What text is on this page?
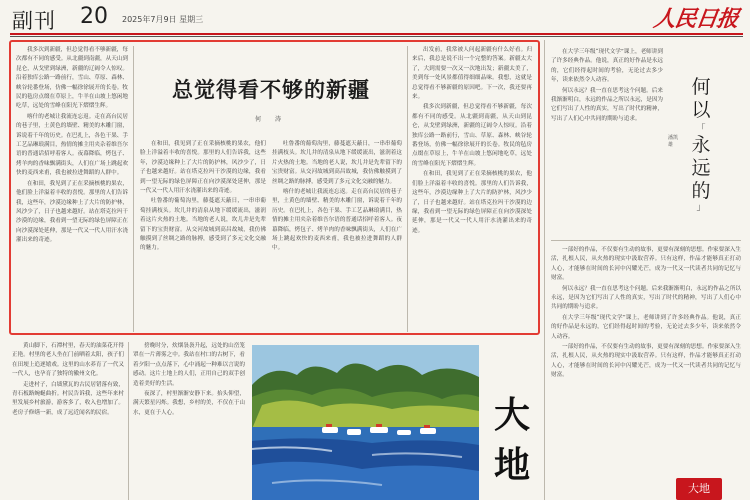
副刊 20 2025年7月9日 星期三	人民日报

我多次到新疆，但总觉得看不够新疆，每次都有不同的感受。从北疆到南疆，从天山到昆仑，从戈壁到绿洲，新疆的辽阔令人惊叹。沿着独库公路一路前行，雪山、草原、森林、峡谷轮番登场，仿佛一幅徐徐展开的长卷。牧民的毡房点缀在草原上，牛羊在山坡上悠闲地吃草，远处的雪峰在阳光下熠熠生辉。

喀什的老城让我流连忘返。走在高台民居的巷子里，土黄色的墙壁、精美的木雕门窗，诉说着千年的历史。在巴扎上，各色干果、手工艺品琳琅满目，热情的摊主用夹杂着维吾尔语的普通话招呼着客人。夜幕降临，烤包子、烤羊肉的香味飘满街头，人们在广场上跳起欢快的麦西来甫，我也被拉进舞蹈的人群中。

在和田，我见到了正在采摘核桃的果农，他们脸上洋溢着丰收的喜悦。那里的人们告诉我，这些年，沙漠边缘种上了大片的防护林，风沙少了，日子也越来越好。站在塔克拉玛干沙漠的边缘，我看到一望无际的绿色屏障正在向沙漠深处延伸，那是一代又一代人用汗水浇灌出来的奇迹。

总觉得看不够的新疆
何 涛

在和田，我见到了正在采摘核桃的果农，他们脸上洋溢着丰收的喜悦。那里的人们告诉我，这些年，沙漠边缘种上了大片的防护林，风沙少了，日子也越来越好。站在塔克拉玛干沙漠的边缘，我看到一望无际的绿色屏障正在向沙漠深处延伸，那是一代又一代人用汗水浇灌出来的奇迹。

吐鲁番的葡萄沟里，藤蔓遮天蔽日，一串串葡萄挂满枝头。坎儿井的清泉从地下缓缓流出，滋润着这片火热的土地。当地的老人说，坎儿井是先辈留下的宝贵财富。从交河故城到高昌故城，我仿佛触摸到了丝绸之路的脉搏，感受到了多元文化交融的魅力。

吐鲁番的葡萄沟里，藤蔓遮天蔽日，一串串葡萄挂满枝头。坎儿井的清泉从地下缓缓流出，滋润着这片火热的土地。当地的老人说，坎儿井是先辈留下的宝贵财富。从交河故城到高昌故城，我仿佛触摸到了丝绸之路的脉搏，感受到了多元文化交融的魅力。

喀什的老城让我流连忘返。走在高台民居的巷子里，土黄色的墙壁、精美的木雕门窗，诉说着千年的历史。在巴扎上，各色干果、手工艺品琳琅满目，热情的摊主用夹杂着维吾尔语的普通话招呼着客人。夜幕降临，烤包子、烤羊肉的香味飘满街头，人们在广场上跳起欢快的麦西来甫，我也被拉进舞蹈的人群中。

出发前，我常被人问起新疆有什么好看。归来后，我总是说不出一个完整的答案。新疆太大了，大到需要一次又一次地出发；新疆太美了，美到每一处风景都值得细细品味。我想，这就是总觉得看不够新疆的原因吧。下一次，我还要再来。

我多次到新疆，但总觉得看不够新疆，每次都有不同的感受。从北疆到南疆，从天山到昆仑，从戈壁到绿洲，新疆的辽阔令人惊叹。沿着独库公路一路前行，雪山、草原、森林、峡谷轮番登场，仿佛一幅徐徐展开的长卷。牧民的毡房点缀在草原上，牛羊在山坡上悠闲地吃草，远处的雪峰在阳光下熠熠生辉。

在和田，我见到了正在采摘核桃的果农，他们脸上洋溢着丰收的喜悦。那里的人们告诉我，这些年，沙漠边缘种上了大片的防护林，风沙少了，日子也越来越好。站在塔克拉玛干沙漠的边缘，我看到一望无际的绿色屏障正在向沙漠深处延伸，那是一代又一代人用汗水浇灌出来的奇迹。

在大学三年级“现代文学”课上，老师讲到了许多经典作品。他说，真正的好作品是永远的，它们经得起时间的考验，无论过去多少年，读来依然令人动容。

何以永远？我一直在思考这个问题。后来我渐渐明白，永远的作品之所以永远，是因为它们写出了人性的真实，写出了时代的精神，写出了人们心中共同的期盼与追求。

何
以
「
永
远
的
」
潘凯雄

一部好的作品，不仅要有生动的故事，更要有深刻的思想。作家要深入生活，扎根人民，从火热的现实中汲取营养。只有这样，作品才能够真正打动人心，才能够在时间的长河中闪耀光芒，成为一代又一代读者共同的记忆与财富。

何以永远？我一直在思考这个问题。后来我渐渐明白，永远的作品之所以永远，是因为它们写出了人性的真实，写出了时代的精神，写出了人们心中共同的期盼与追求。

在大学三年级“现代文学”课上，老师讲到了许多经典作品。他说，真正的好作品是永远的，它们经得起时间的考验，无论过去多少年，读来依然令人动容。

一部好的作品，不仅要有生动的故事，更要有深刻的思想。作家要深入生活，扎根人民，从火热的现实中汲取营养。只有这样，作品才能够真正打动人心，才能够在时间的长河中闪耀光芒，成为一代又一代读者共同的记忆与财富。

黄山脚下，石潭村里，春天的油菜花开得正艳。村里的老人坐在门前晒着太阳，孩子们在田埂上追逐嬉戏。这里的山水养育了一代又一代人，也孕育了独特的徽州文化。

走进村子，白墙黛瓦的古民居错落有致，青石板路蜿蜒曲折。村民告诉我，这些年来村里发展乡村旅游，游客多了，收入也增加了。老房子修缮一新，成了远近闻名的民宿。

傍晚时分，炊烟袅袅升起，远处的山峦笼罩在一片薄雾之中。我站在村口的古树下，看着夕阳一点点落下，心中涌起一种难以言说的感动。这片土地上的人们，正用自己的双手创造着美好的生活。

夜深了，村里渐渐安静下来。抬头仰望，满天繁星闪烁。我想，乡村的美，不仅在于山水，更在于人心。	大
地
大地
